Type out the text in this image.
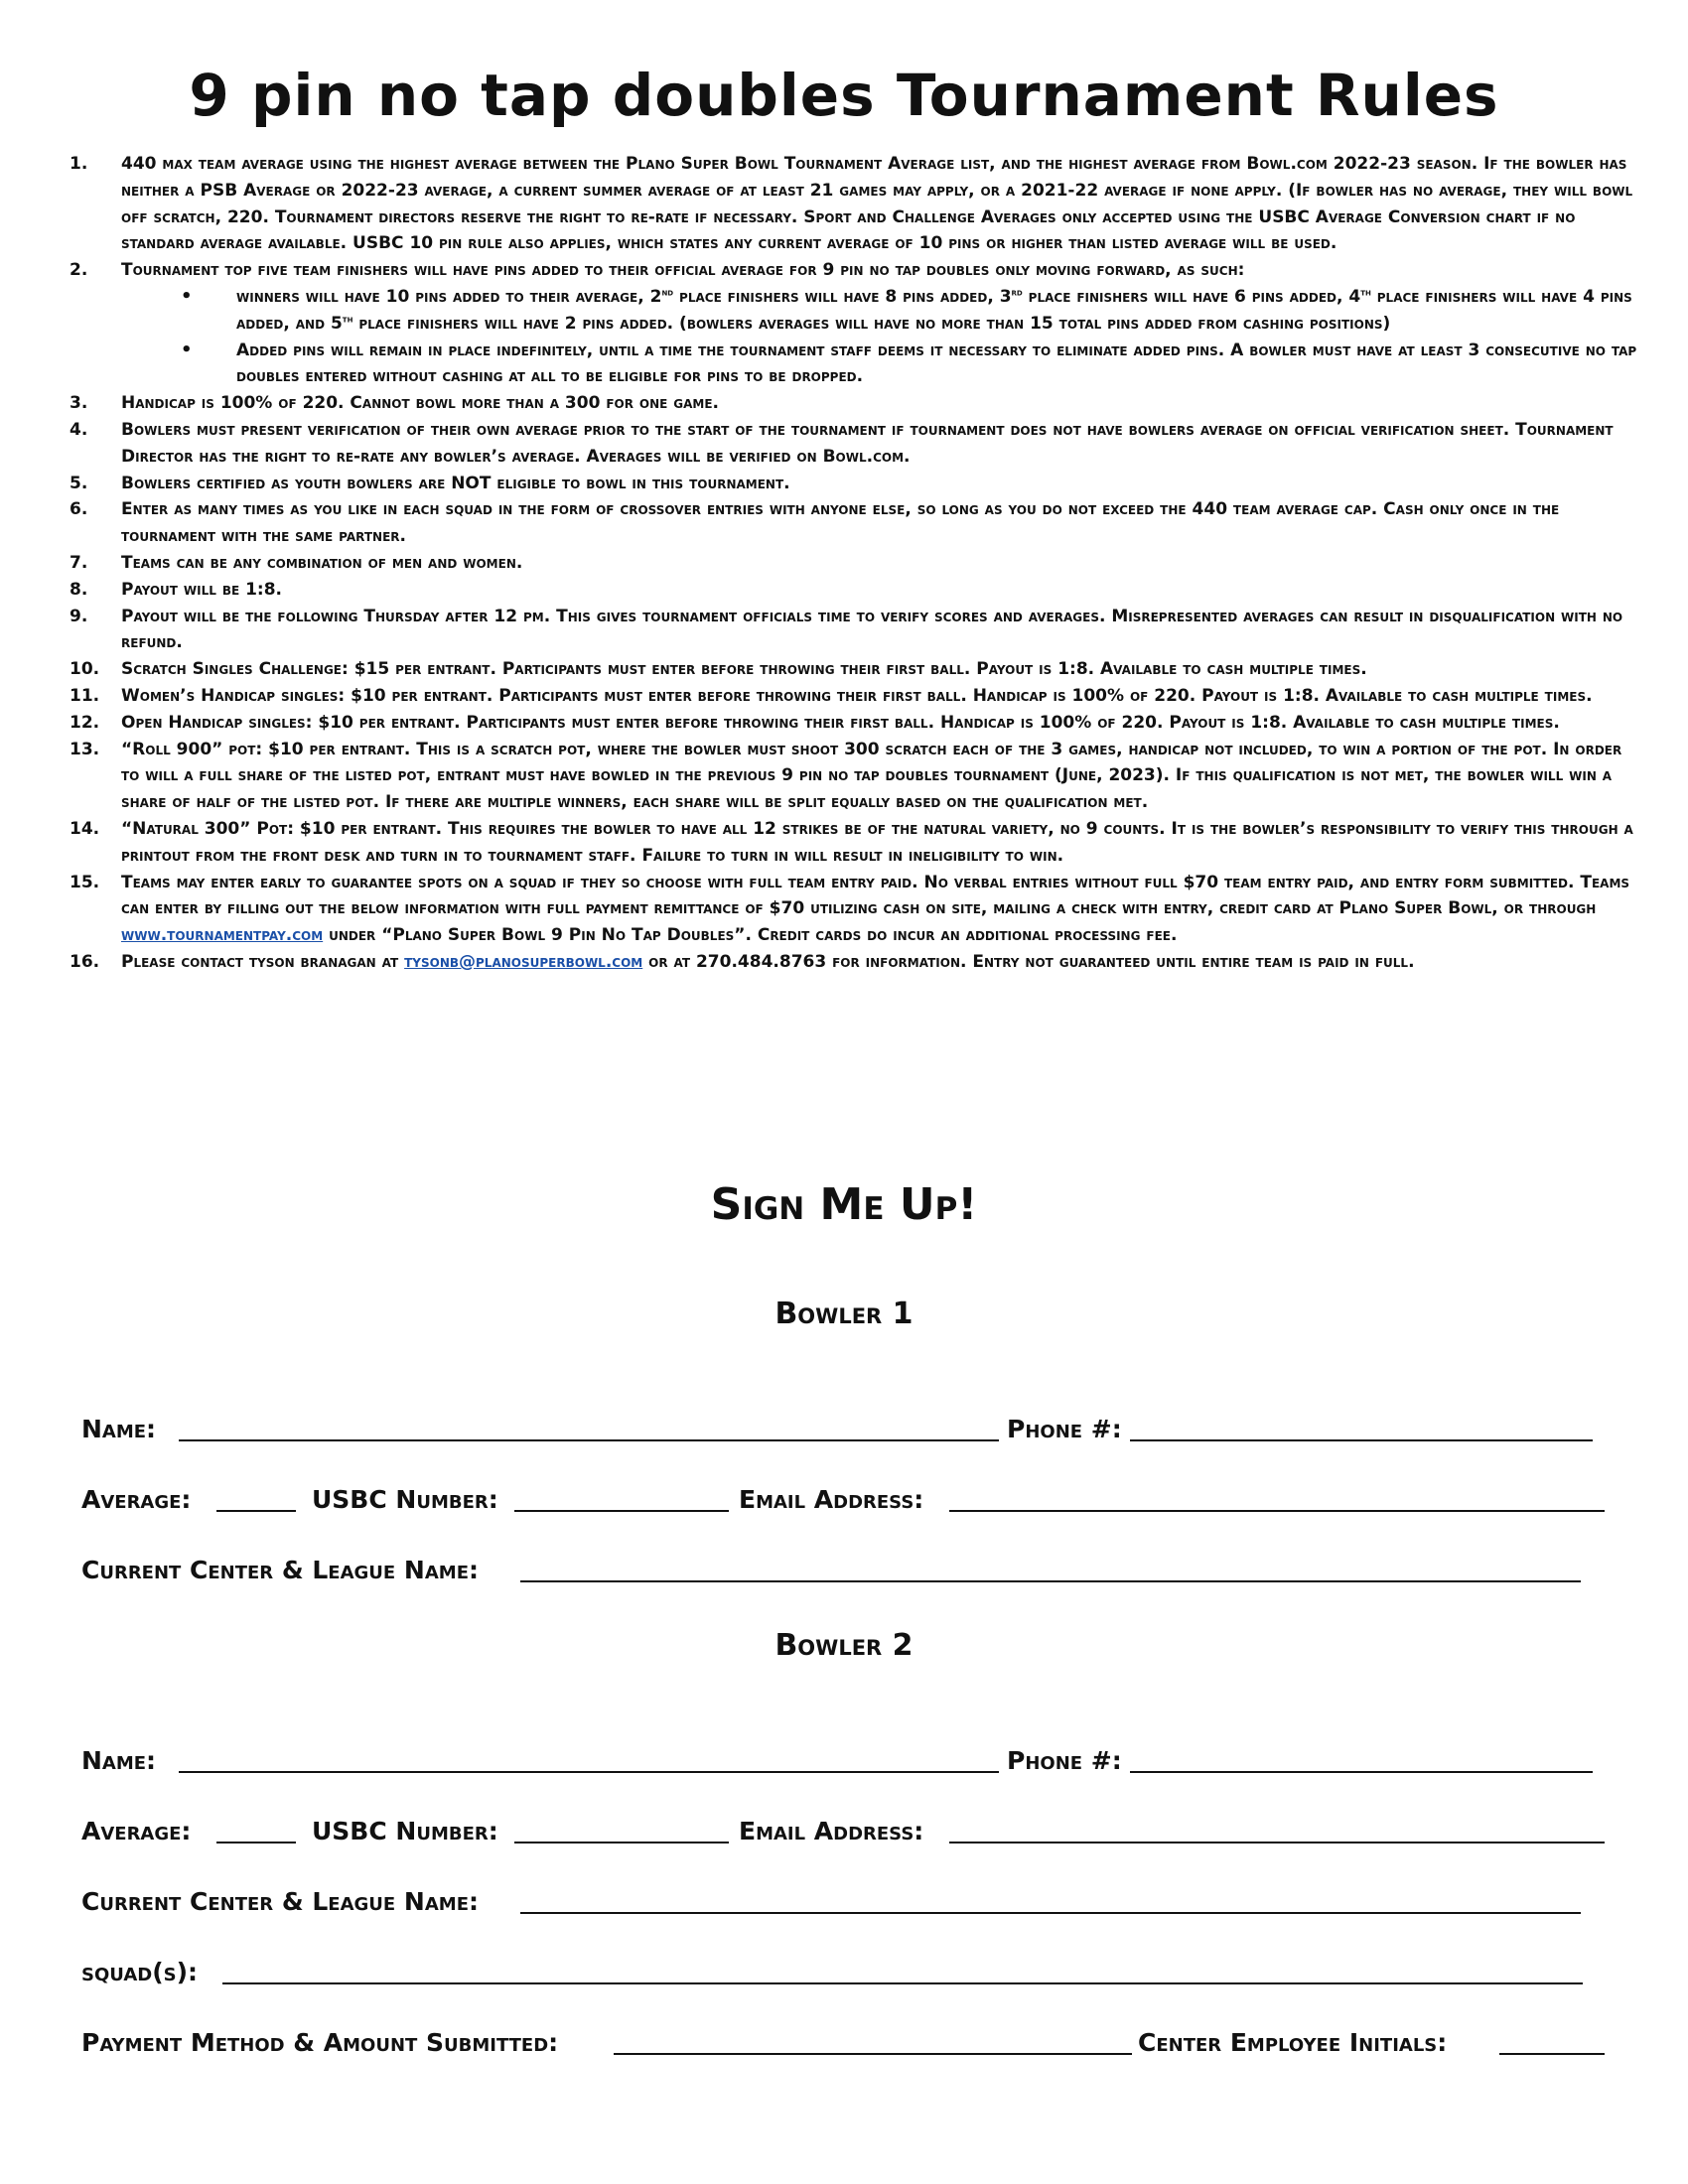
9 pin no tap doubles Tournament Rules
1. 440 max team average using the highest average between the Plano Super Bowl Tournament Average list, and the highest average from Bowl.com 2022-23 season. If the bowler has neither a PSB Average or 2022-23 average, a current summer average of at least 21 games may apply, or a 2021-22 average if none apply. (If bowler has no average, they will bowl off scratch, 220. Tournament directors reserve the right to re-rate if necessary. Sport and Challenge Averages only accepted using the USBC Average Conversion chart if no standard average available. USBC 10 pin rule also applies, which states any current average of 10 pins or higher than listed average will be used.
2. Tournament top five team finishers will have pins added to their official average for 9 pin no tap doubles only moving forward, as such:
•	winners will have 10 pins added to their average, 2nd place finishers will have 8 pins added, 3rd place finishers will have 6 pins added, 4th place finishers will have 4 pins added, and 5th place finishers will have 2 pins added. (bowlers averages will have no more than 15 total pins added from cashing positions)
•	Added pins will remain in place indefinitely, until a time the tournament staff deems it necessary to eliminate added pins. A bowler must have at least 3 consecutive no tap doubles entered without cashing at all to be eligible for pins to be dropped.
3. Handicap is 100% of 220. Cannot bowl more than a 300 for one game.
4. Bowlers must present verification of their own average prior to the start of the tournament if tournament does not have bowlers average on official verification sheet. Tournament Director has the right to re-rate any bowler’s average. Averages will be verified on Bowl.com.
5. Bowlers certified as youth bowlers are NOT eligible to bowl in this tournament.
6. Enter as many times as you like in each squad in the form of crossover entries with anyone else, so long as you do not exceed the 440 team average cap. Cash only once in the tournament with the same partner.
7. Teams can be any combination of men and women.
8. Payout will be 1:8.
9. Payout will be the following Thursday after 12 pm. This gives tournament officials time to verify scores and averages. Misrepresented averages can result in disqualification with no refund.
10. Scratch Singles Challenge: $15 per entrant. Participants must enter before throwing their first ball. Payout is 1:8. Available to cash multiple times.
11. Women’s Handicap singles: $10 per entrant. Participants must enter before throwing their first ball. Handicap is 100% of 220. Payout is 1:8. Available to cash multiple times.
12. Open Handicap singles: $10 per entrant. Participants must enter before throwing their first ball. Handicap is 100% of 220. Payout is 1:8. Available to cash multiple times.
13. “Roll 900” pot: $10 per entrant. This is a scratch pot, where the bowler must shoot 300 scratch each of the 3 games, handicap not included, to win a portion of the pot. In order to will a full share of the listed pot, entrant must have bowled in the previous 9 pin no tap doubles tournament (June, 2023). If this qualification is not met, the bowler will win a share of half of the listed pot. If there are multiple winners, each share will be split equally based on the qualification met.
14. “Natural 300” Pot: $10 per entrant. This requires the bowler to have all 12 strikes be of the natural variety, no 9 counts. It is the bowler’s responsibility to verify this through a printout from the front desk and turn in to tournament staff. Failure to turn in will result in ineligibility to win.
15. Teams may enter early to guarantee spots on a squad if they so choose with full team entry paid. No verbal entries without full $70 team entry paid, and entry form submitted. Teams can enter by filling out the below information with full payment remittance of $70 utilizing cash on site, mailing a check with entry, credit card at Plano Super Bowl, or through www.tournamentpay.com under “Plano Super Bowl 9 Pin No Tap Doubles”. Credit cards do incur an additional processing fee.
16. Please contact tyson branagan at tysonb@planosuperbowl.com or at 270.484.8763 for information. Entry not guaranteed until entire team is paid in full.
Sign Me Up!
Bowler 1
Name:	Phone #:
Average:	USBC Number:	Email Address:
Current Center & League Name:
Bowler 2
Name:	Phone #:
Average:	USBC Number:	Email Address:
Current Center & League Name:
squad(s):
Payment Method & Amount Submitted:	Center Employee Initials:
